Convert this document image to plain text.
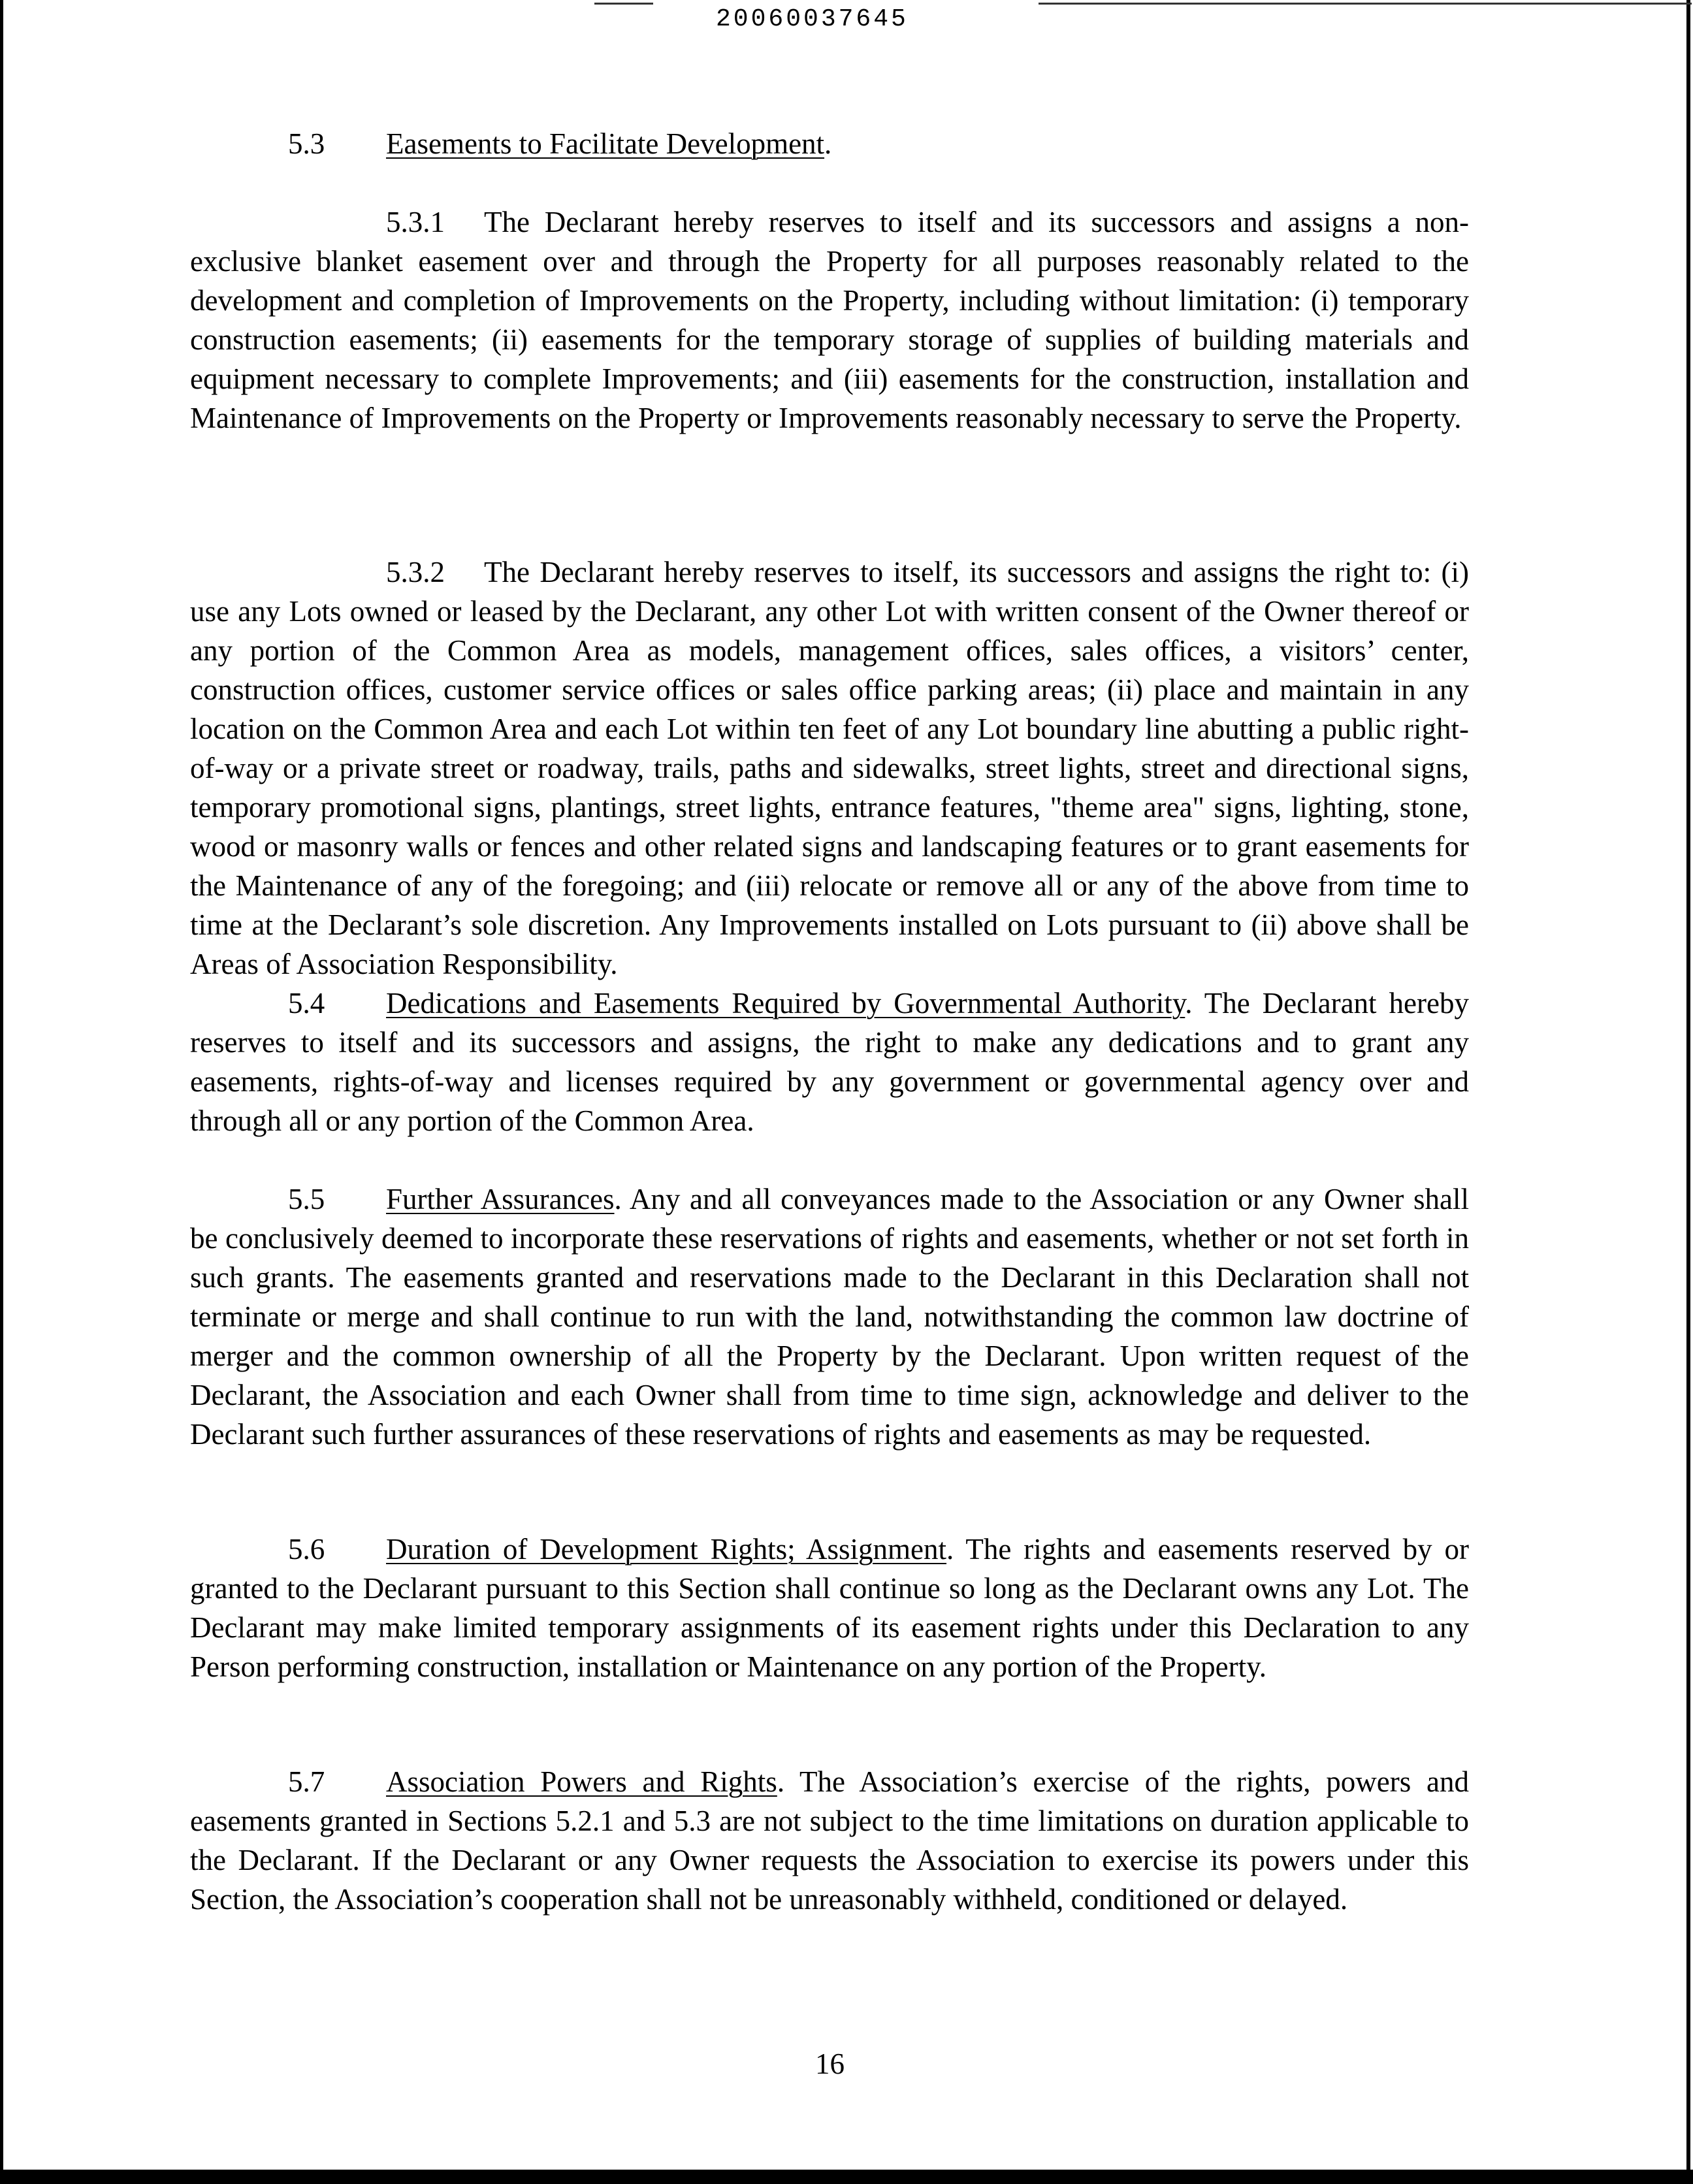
20060037645
5.3 Easements to Facilitate Development.
5.3.1 The Declarant hereby reserves to itself and its successors and assigns a non-exclusive blanket easement over and through the Property for all purposes reasonably related to the development and completion of Improvements on the Property, including without limitation: (i) temporary construction easements; (ii) easements for the temporary storage of supplies of building materials and equipment necessary to complete Improvements; and (iii) easements for the construction, installation and Maintenance of Improvements on the Property or Improvements reasonably necessary to serve the Property.
5.3.2 The Declarant hereby reserves to itself, its successors and assigns the right to: (i) use any Lots owned or leased by the Declarant, any other Lot with written consent of the Owner thereof or any portion of the Common Area as models, management offices, sales offices, a visitors’ center, construction offices, customer service offices or sales office parking areas; (ii) place and maintain in any location on the Common Area and each Lot within ten feet of any Lot boundary line abutting a public right-of-way or a private street or roadway, trails, paths and sidewalks, street lights, street and directional signs, temporary promotional signs, plantings, street lights, entrance features, "theme area" signs, lighting, stone, wood or masonry walls or fences and other related signs and landscaping features or to grant easements for the Maintenance of any of the foregoing; and (iii) relocate or remove all or any of the above from time to time at the Declarant’s sole discretion. Any Improvements installed on Lots pursuant to (ii) above shall be Areas of Association Responsibility.
5.4 Dedications and Easements Required by Governmental Authority. The Declarant hereby reserves to itself and its successors and assigns, the right to make any dedications and to grant any easements, rights-of-way and licenses required by any government or governmental agency over and through all or any portion of the Common Area.
5.5 Further Assurances. Any and all conveyances made to the Association or any Owner shall be conclusively deemed to incorporate these reservations of rights and easements, whether or not set forth in such grants. The easements granted and reservations made to the Declarant in this Declaration shall not terminate or merge and shall continue to run with the land, notwithstanding the common law doctrine of merger and the common ownership of all the Property by the Declarant. Upon written request of the Declarant, the Association and each Owner shall from time to time sign, acknowledge and deliver to the Declarant such further assurances of these reservations of rights and easements as may be requested.
5.6 Duration of Development Rights; Assignment. The rights and easements reserved by or granted to the Declarant pursuant to this Section shall continue so long as the Declarant owns any Lot. The Declarant may make limited temporary assignments of its easement rights under this Declaration to any Person performing construction, installation or Maintenance on any portion of the Property.
5.7 Association Powers and Rights. The Association’s exercise of the rights, powers and easements granted in Sections 5.2.1 and 5.3 are not subject to the time limitations on duration applicable to the Declarant. If the Declarant or any Owner requests the Association to exercise its powers under this Section, the Association’s cooperation shall not be unreasonably withheld, conditioned or delayed.
16
